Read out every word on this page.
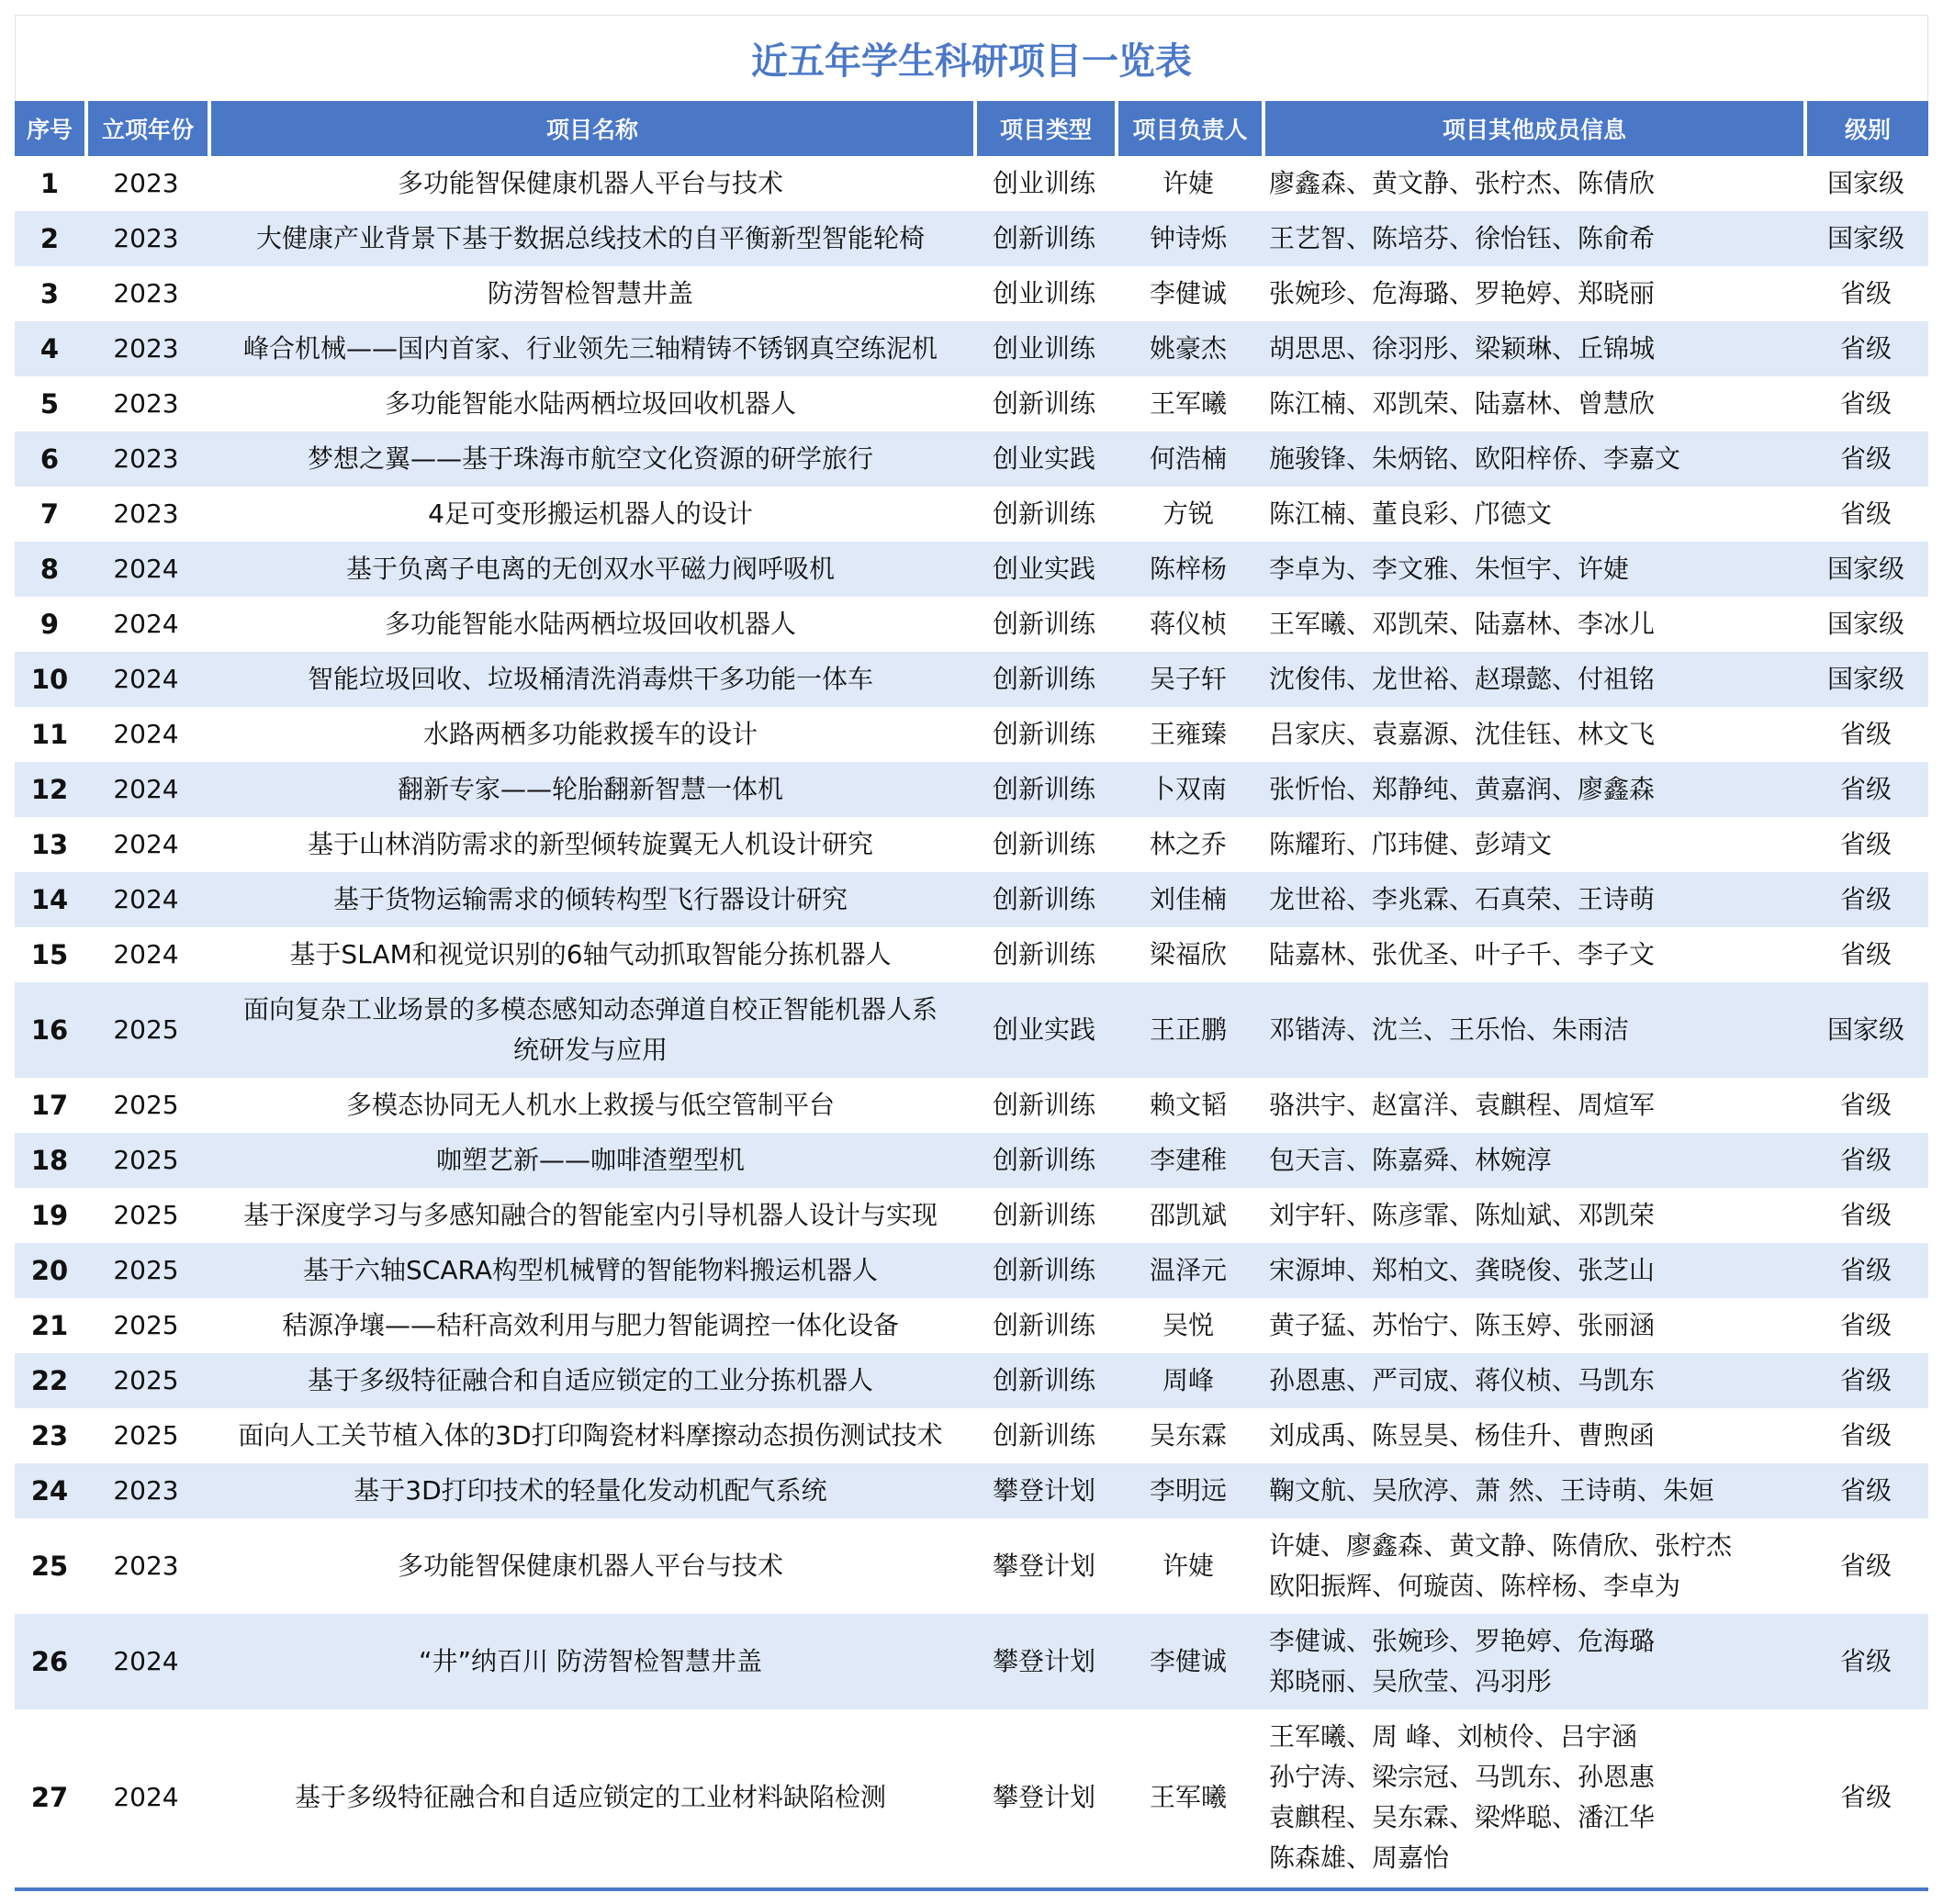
近五年学生科研项目一览表
序号	立项年份	项目名称	项目类型	项目负责人	项目其他成员信息	级别
1	2023	多功能智保健康机器人平台与技术	创业训练	许婕	廖鑫森、黄文静、张柠杰、陈倩欣	国家级
2	2023	大健康产业背景下基于数据总线技术的自平衡新型智能轮椅	创新训练	钟诗烁	王艺智、陈培芬、徐怡钰、陈俞希	国家级
3	2023	防涝智检智慧井盖	创业训练	李健诚	张婉珍、危海璐、罗艳婷、郑晓丽	省级
4	2023	峰合机械——国内首家、行业领先三轴精铸不锈钢真空练泥机	创业训练	姚豪杰	胡思思、徐羽彤、梁颖琳、丘锦城	省级
5	2023	多功能智能水陆两栖垃圾回收机器人	创新训练	王军曦	陈江楠、邓凯荣、陆嘉林、曾慧欣	省级
6	2023	梦想之翼——基于珠海市航空文化资源的研学旅行	创业实践	何浩楠	施骏锋、朱炳铭、欧阳梓侨、李嘉文	省级
7	2023	4足可变形搬运机器人的设计	创新训练	方锐	陈江楠、董良彩、邝德文	省级
8	2024	基于负离子电离的无创双水平磁力阀呼吸机	创业实践	陈梓杨	李卓为、李文雅、朱恒宇、许婕	国家级
9	2024	多功能智能水陆两栖垃圾回收机器人	创新训练	蒋仪桢	王军曦、邓凯荣、陆嘉林、李冰儿	国家级
10	2024	智能垃圾回收、垃圾桶清洗消毒烘干多功能一体车	创新训练	吴子轩	沈俊伟、龙世裕、赵璟懿、付祖铭	国家级
11	2024	水路两栖多功能救援车的设计	创新训练	王雍臻	吕家庆、袁嘉源、沈佳钰、林文飞	省级
12	2024	翻新专家——轮胎翻新智慧一体机	创新训练	卜双南	张忻怡、郑静纯、黄嘉润、廖鑫森	省级
13	2024	基于山林消防需求的新型倾转旋翼无人机设计研究	创新训练	林之乔	陈耀珩、邝玮健、彭靖文	省级
14	2024	基于货物运输需求的倾转构型飞行器设计研究	创新训练	刘佳楠	龙世裕、李兆霖、石真荣、王诗萌	省级
15	2024	基于SLAM和视觉识别的6轴气动抓取智能分拣机器人	创新训练	梁福欣	陆嘉林、张优圣、叶子千、李子文	省级
16	2025	面向复杂工业场景的多模态感知动态弹道自校正智能机器人系
统研发与应用	创业实践	王正鹏	邓锴涛、沈兰、王乐怡、朱雨洁	国家级
17	2025	多模态协同无人机水上救援与低空管制平台	创新训练	赖文韬	骆洪宇、赵富洋、袁麒程、周煊军	省级
18	2025	咖塑艺新——咖啡渣塑型机	创新训练	李建稚	包天言、陈嘉舜、林婉淳	省级
19	2025	基于深度学习与多感知融合的智能室内引导机器人设计与实现	创新训练	邵凯斌	刘宇轩、陈彦霏、陈灿斌、邓凯荣	省级
20	2025	基于六轴SCARA构型机械臂的智能物料搬运机器人	创新训练	温泽元	宋源坤、郑柏文、龚晓俊、张芝山	省级
21	2025	秸源净壤——秸秆高效利用与肥力智能调控一体化设备	创新训练	吴悦	黄子猛、苏怡宁、陈玉婷、张丽涵	省级
22	2025	基于多级特征融合和自适应锁定的工业分拣机器人	创新训练	周峰	孙恩惠、严司宬、蒋仪桢、马凯东	省级
23	2025	面向人工关节植入体的3D打印陶瓷材料摩擦动态损伤测试技术	创新训练	吴东霖	刘成禹、陈昱昊、杨佳升、曹煦函	省级
24	2023	基于3D打印技术的轻量化发动机配气系统	攀登计划	李明远	鞠文航、吴欣渟、萧 然、王诗萌、朱姮	省级
25	2023	多功能智保健康机器人平台与技术	攀登计划	许婕	许婕、廖鑫森、黄文静、陈倩欣、张柠杰
欧阳振辉、何璇茵、陈梓杨、李卓为	省级
26	2024	“井”纳百川 防涝智检智慧井盖	攀登计划	李健诚	李健诚、张婉珍、罗艳婷、危海璐
郑晓丽、吴欣莹、冯羽彤	省级
27	2024	基于多级特征融合和自适应锁定的工业材料缺陷检测	攀登计划	王军曦	王军曦、周 峰、刘桢伶、吕宇涵
孙宁涛、梁宗冠、马凯东、孙恩惠
袁麒程、吴东霖、梁烨聪、潘江华
陈森雄、周嘉怡	省级
